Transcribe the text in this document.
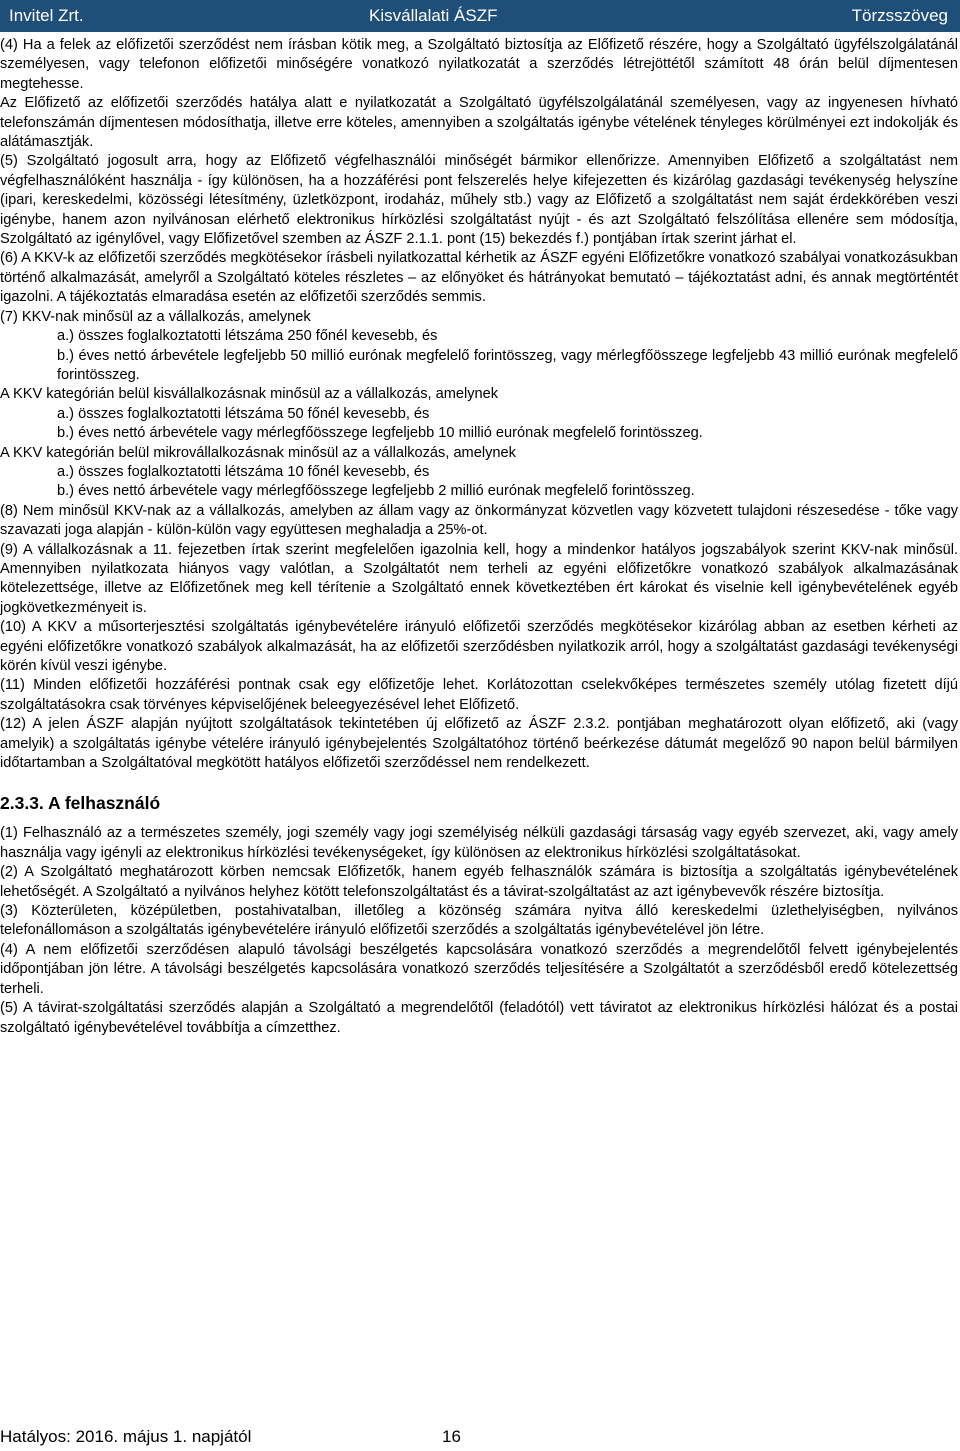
Invitel Zrt.	Kisvállalati ÁSZF	Törzsszöveg

(4) Ha a felek az előfizetői szerződést nem írásban kötik meg, a Szolgáltató biztosítja az Előfizető részére, hogy a Szolgáltató ügyfélszolgálatánál személyesen, vagy telefonon előfizetői minőségére vonatkozó nyilatkozatát a szerződés létrejöttétől számított 48 órán belül díjmentesen megtehesse.

Az Előfizető az előfizetői szerződés hatálya alatt e nyilatkozatát a Szolgáltató ügyfélszolgálatánál személyesen, vagy az ingyenesen hívható telefonszámán díjmentesen módosíthatja, illetve erre köteles, amennyiben a szolgáltatás igénybe vételének tényleges körülményei ezt indokolják és alátámasztják.

(5) Szolgáltató jogosult arra, hogy az Előfizető végfelhasználói minőségét bármikor ellenőrizze. Amennyiben Előfizető a szolgáltatást nem végfelhasználóként használja - így különösen, ha a hozzáférési pont felszerelés helye kifejezetten és kizárólag gazdasági tevékenység helyszíne (ipari, kereskedelmi, közösségi létesítmény, üzletközpont, irodaház, műhely stb.) vagy az Előfizető a szolgáltatást nem saját érdekkörében veszi igénybe, hanem azon nyilvánosan elérhető elektronikus hírközlési szolgáltatást nyújt - és azt Szolgáltató felszólítása ellenére sem módosítja, Szolgáltató az igénylővel, vagy Előfizetővel szemben az ÁSZF 2.1.1. pont (15) bekezdés f.) pontjában írtak szerint járhat el.

(6) A KKV-k az előfizetői szerződés megkötésekor írásbeli nyilatkozattal kérhetik az ÁSZF egyéni Előfizetőkre vonatkozó szabályai vonatkozásukban történő alkalmazását, amelyről a Szolgáltató köteles részletes – az előnyöket és hátrányokat bemutató – tájékoztatást adni, és annak megtörténtét igazolni. A tájékoztatás elmaradása esetén az előfizetői szerződés semmis.

(7) KKV-nak minősül az a vállalkozás, amelynek

a.) összes foglalkoztatotti létszáma 250 főnél kevesebb, és

b.) éves nettó árbevétele legfeljebb 50 millió eurónak megfelelő forintösszeg, vagy mérlegfőösszege legfeljebb 43 millió eurónak megfelelő forintösszeg.

A KKV kategórián belül kisvállalkozásnak minősül az a vállalkozás, amelynek

a.) összes foglalkoztatotti létszáma 50 főnél kevesebb, és

b.) éves nettó árbevétele vagy mérlegfőösszege legfeljebb 10 millió eurónak megfelelő forintösszeg.

A KKV kategórián belül mikrovállalkozásnak minősül az a vállalkozás, amelynek

a.) összes foglalkoztatotti létszáma 10 főnél kevesebb, és

b.) éves nettó árbevétele vagy mérlegfőösszege legfeljebb 2 millió eurónak megfelelő forintösszeg.

(8) Nem minősül KKV-nak az a vállalkozás, amelyben az állam vagy az önkormányzat közvetlen vagy közvetett tulajdoni részesedése - tőke vagy szavazati joga alapján - külön-külön vagy együttesen meghaladja a 25%-ot.

(9) A vállalkozásnak a 11. fejezetben írtak szerint megfelelően igazolnia kell, hogy a mindenkor hatályos jogszabályok szerint KKV-nak minősül. Amennyiben nyilatkozata hiányos vagy valótlan, a Szolgáltatót nem terheli az egyéni előfizetőkre vonatkozó szabályok alkalmazásának kötelezettsége, illetve az Előfizetőnek meg kell térítenie a Szolgáltató ennek következtében ért károkat és viselnie kell igénybevételének egyéb jogkövetkezményeit is.

(10) A KKV a műsorterjesztési szolgáltatás igénybevételére irányuló előfizetői szerződés megkötésekor kizárólag abban az esetben kérheti az egyéni előfizetőkre vonatkozó szabályok alkalmazását, ha az előfizetői szerződésben nyilatkozik arról, hogy a szolgáltatást gazdasági tevékenységi körén kívül veszi igénybe.

(11) Minden előfizetői hozzáférési pontnak csak egy előfizetője lehet. Korlátozottan cselekvőképes természetes személy utólag fizetett díjú szolgáltatásokra csak törvényes képviselőjének beleegyezésével lehet Előfizető.

(12) A jelen ÁSZF alapján nyújtott szolgáltatások tekintetében új előfizető az ÁSZF 2.3.2. pontjában meghatározott olyan előfizető, aki (vagy amelyik) a szolgáltatás igénybe vételére irányuló igénybejelentés Szolgáltatóhoz történő beérkezése dátumát megelőző 90 napon belül bármilyen időtartamban a Szolgáltatóval megkötött hatályos előfizetői szerződéssel nem rendelkezett.

2.3.3. A felhasználó

(1) Felhasználó az a természetes személy, jogi személy vagy jogi személyiség nélküli gazdasági társaság vagy egyéb szervezet, aki, vagy amely használja vagy igényli az elektronikus hírközlési tevékenységeket, így különösen az elektronikus hírközlési szolgáltatásokat.

(2) A Szolgáltató meghatározott körben nemcsak Előfizetők, hanem egyéb felhasználók számára is biztosítja a szolgáltatás igénybevételének lehetőségét. A Szolgáltató a nyilvános helyhez kötött telefonszolgáltatást és a távirat-szolgáltatást az azt igénybevevők részére biztosítja.

(3) Közterületen, középületben, postahivatalban, illetőleg a közönség számára nyitva álló kereskedelmi üzlethelyiségben, nyilvános telefonállomáson a szolgáltatás igénybevételére irányuló előfizetői szerződés a szolgáltatás igénybevételével jön létre.

(4) A nem előfizetői szerződésen alapuló távolsági beszélgetés kapcsolására vonatkozó szerződés a megrendelőtől felvett igénybejelentés időpontjában jön létre. A távolsági beszélgetés kapcsolására vonatkozó szerződés teljesítésére a Szolgáltatót a szerződésből eredő kötelezettség terheli.

(5) A távirat-szolgáltatási szerződés alapján a Szolgáltató a megrendelőtől (feladótól) vett táviratot az elektronikus hírközlési hálózat és a postai szolgáltató igénybevételével továbbítja a címzetthez.

Hatályos: 2016. május 1. napjától	16
